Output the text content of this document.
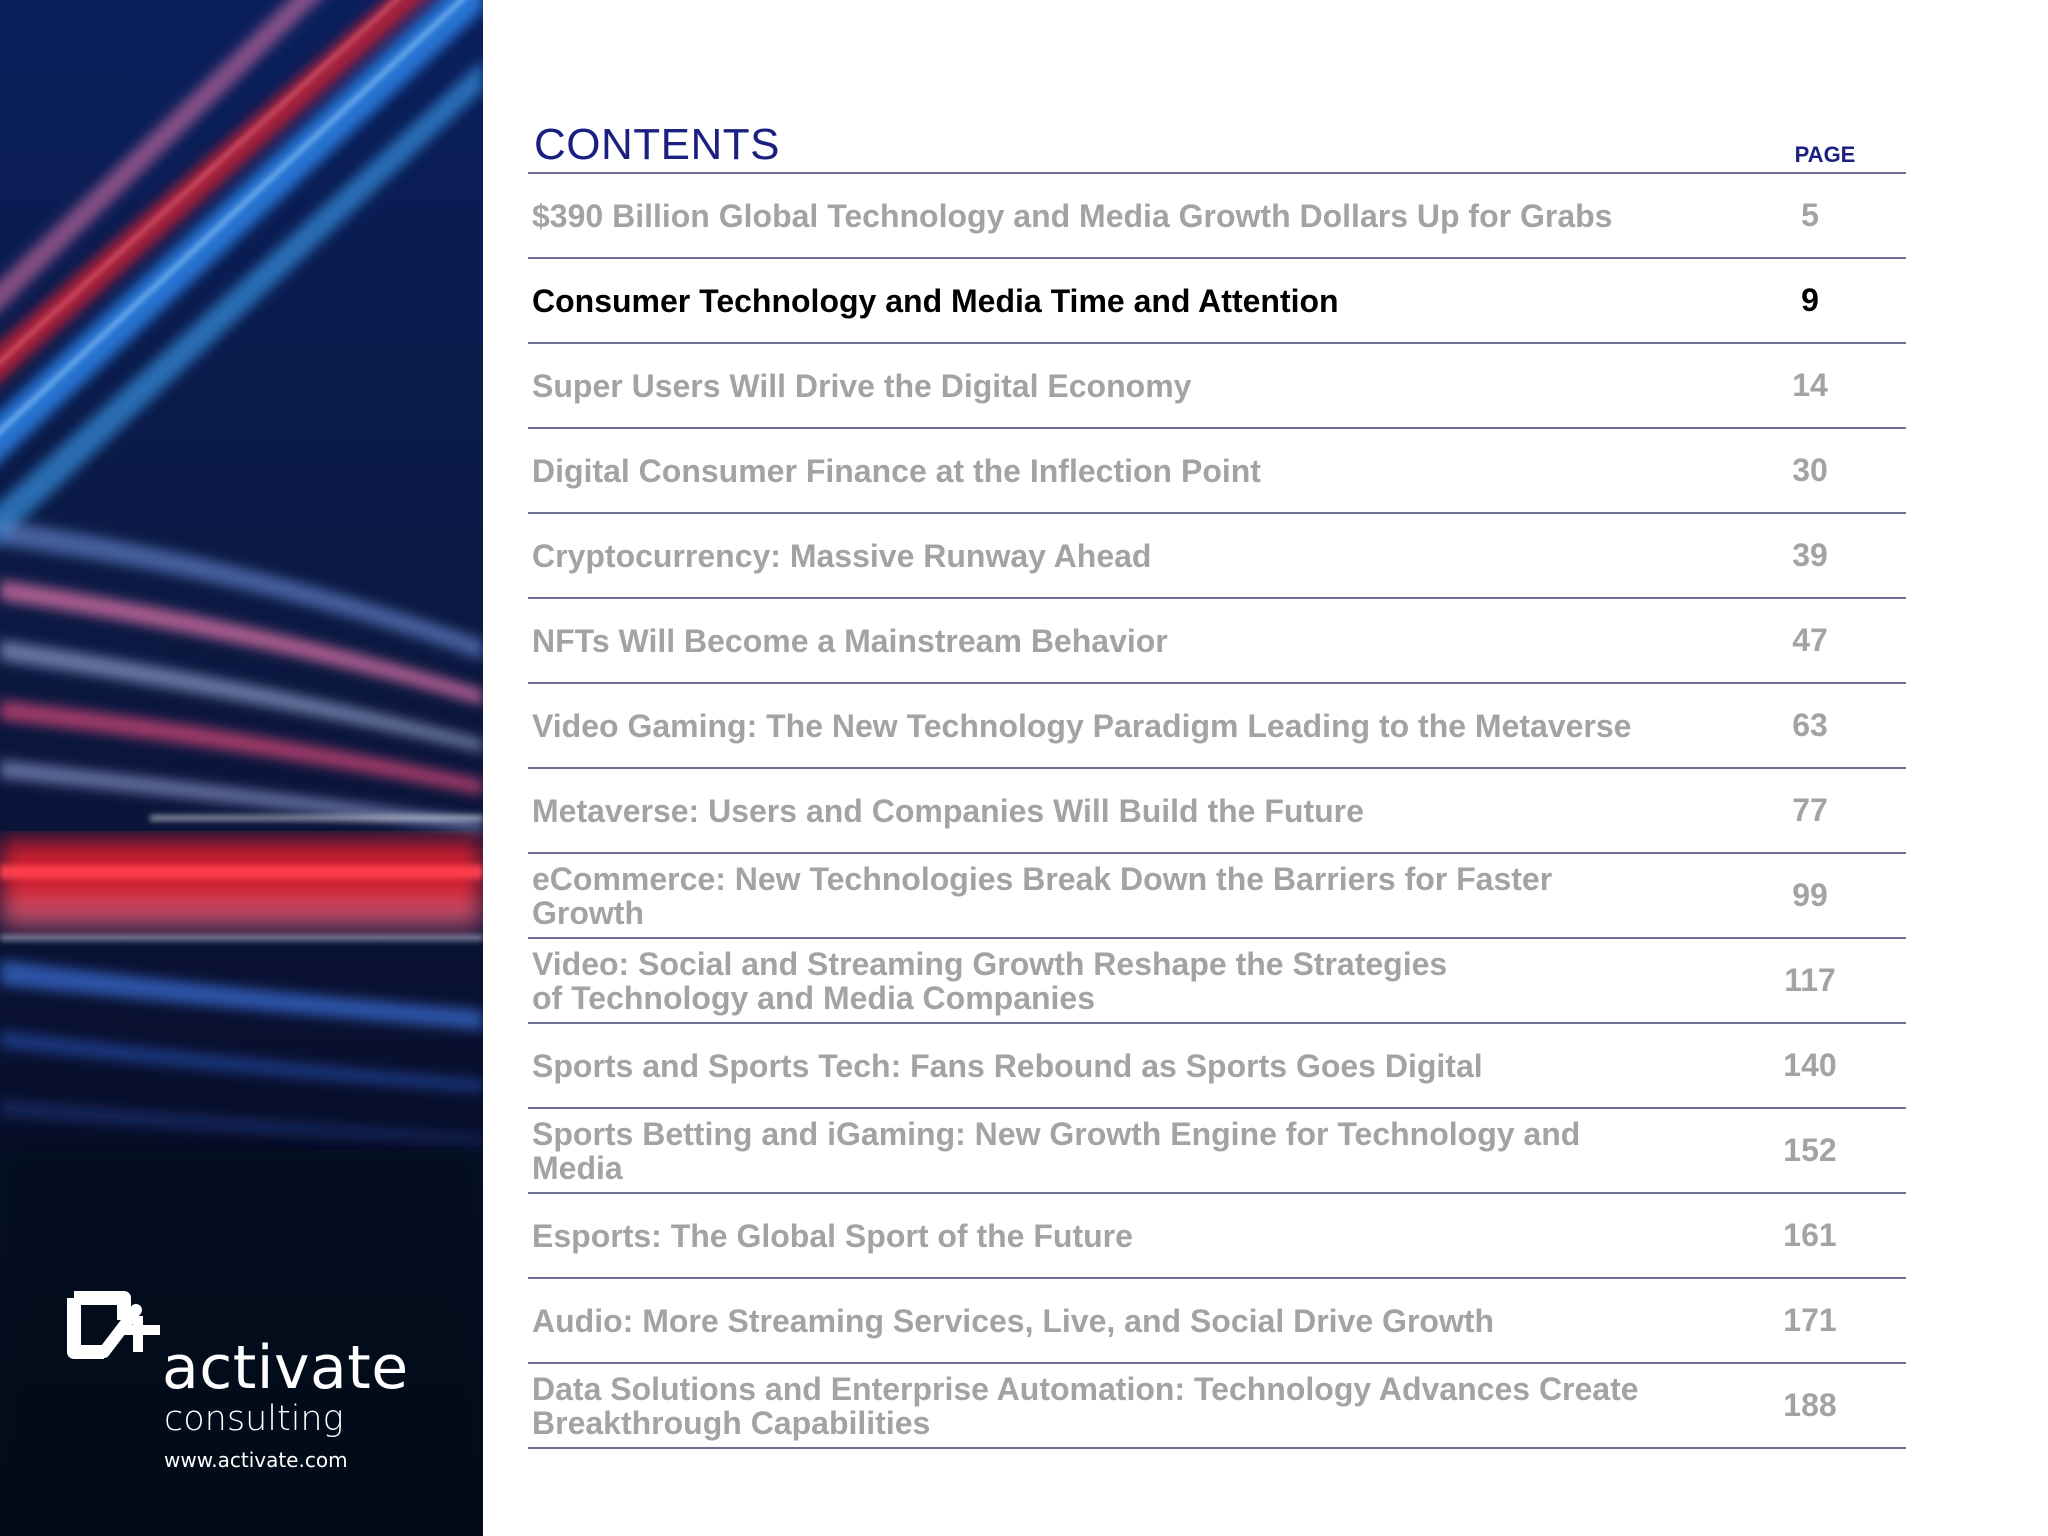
activate
consulting
www.activate.com
CONTENTS	PAGE
$390 Billion Global Technology and Media Growth Dollars Up for Grabs	5
Consumer Technology and Media Time and Attention	9
Super Users Will Drive the Digital Economy	14
Digital Consumer Finance at the Inflection Point	30
Cryptocurrency: Massive Runway Ahead	39
NFTs Will Become a Mainstream Behavior	47
Video Gaming: The New Technology Paradigm Leading to the Metaverse	63
Metaverse: Users and Companies Will Build the Future	77
eCommerce: New Technologies Break Down the Barriers for Faster Growth	99
Video: Social and Streaming Growth Reshape the Strategies
of Technology and Media Companies	117
Sports and Sports Tech: Fans Rebound as Sports Goes Digital	140
Sports Betting and iGaming: New Growth Engine for Technology and Media	152
Esports: The Global Sport of the Future	161
Audio: More Streaming Services, Live, and Social Drive Growth	171
Data Solutions and Enterprise Automation: Technology Advances Create
Breakthrough Capabilities	188
